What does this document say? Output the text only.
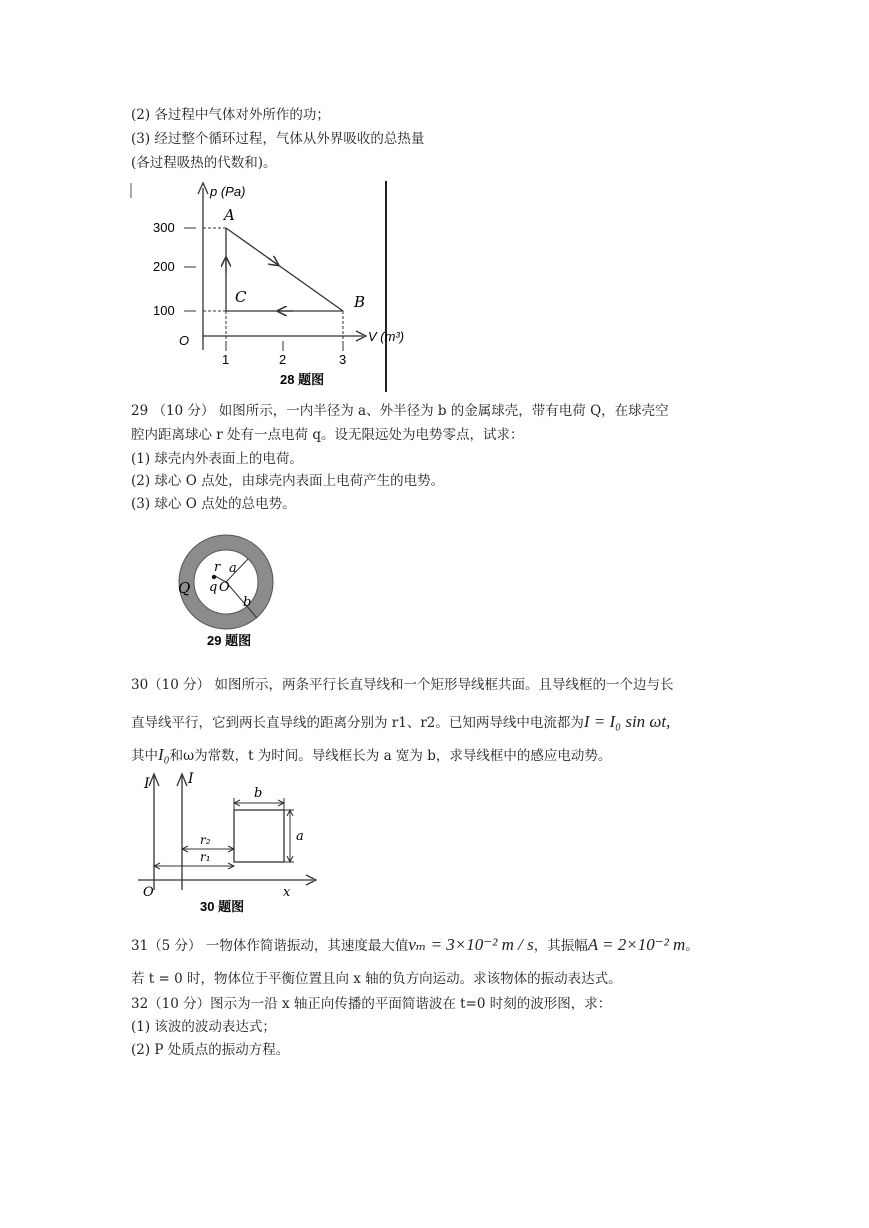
(2) 各过程中气体对外所作的功；
(3) 经过整个循环过程，气体从外界吸收的总热量
(各过程吸热的代数和)。
p (Pa)
V (m³)
300
200
100
1	2	3
O
A
B
C
28 题图
29 （10 分） 如图所示，一内半径为 a、外半径为 b 的金属球壳，带有电荷 Q，在球壳空
腔内距离球心 r 处有一点电荷 q。设无限远处为电势零点，试求：
(1) 球壳内外表面上的电荷。
(2) 球心 O 点处，由球壳内表面上电荷产生的电势。
(3) 球心 O 点处的总电势。
Q
r a
q O
b
29 题图
30（10 分） 如图所示，两条平行长直导线和一个矩形导线框共面。且导线框的一个边与长
直导线平行，它到两长直导线的距离分别为 r1、r2。已知两导线中电流都为I = I₀ sin ωt,
其中I₀和ω为常数，t 为时间。导线框长为 a 宽为 b，求导线框中的感应电动势。
I	I
b
a
r₂
r₁
O	x
30 题图
31（5 分） 一物体作简谐振动，其速度最大值vₘ = 3×10⁻² m / s，其振幅A = 2×10⁻² m。
若 t = 0 时，物体位于平衡位置且向 x 轴的负方向运动。求该物体的振动表达式。
32（10 分）图示为一沿 x 轴正向传播的平面简谐波在 t=0 时刻的波形图，求：
(1) 该波的波动表达式；
(2) P 处质点的振动方程。
